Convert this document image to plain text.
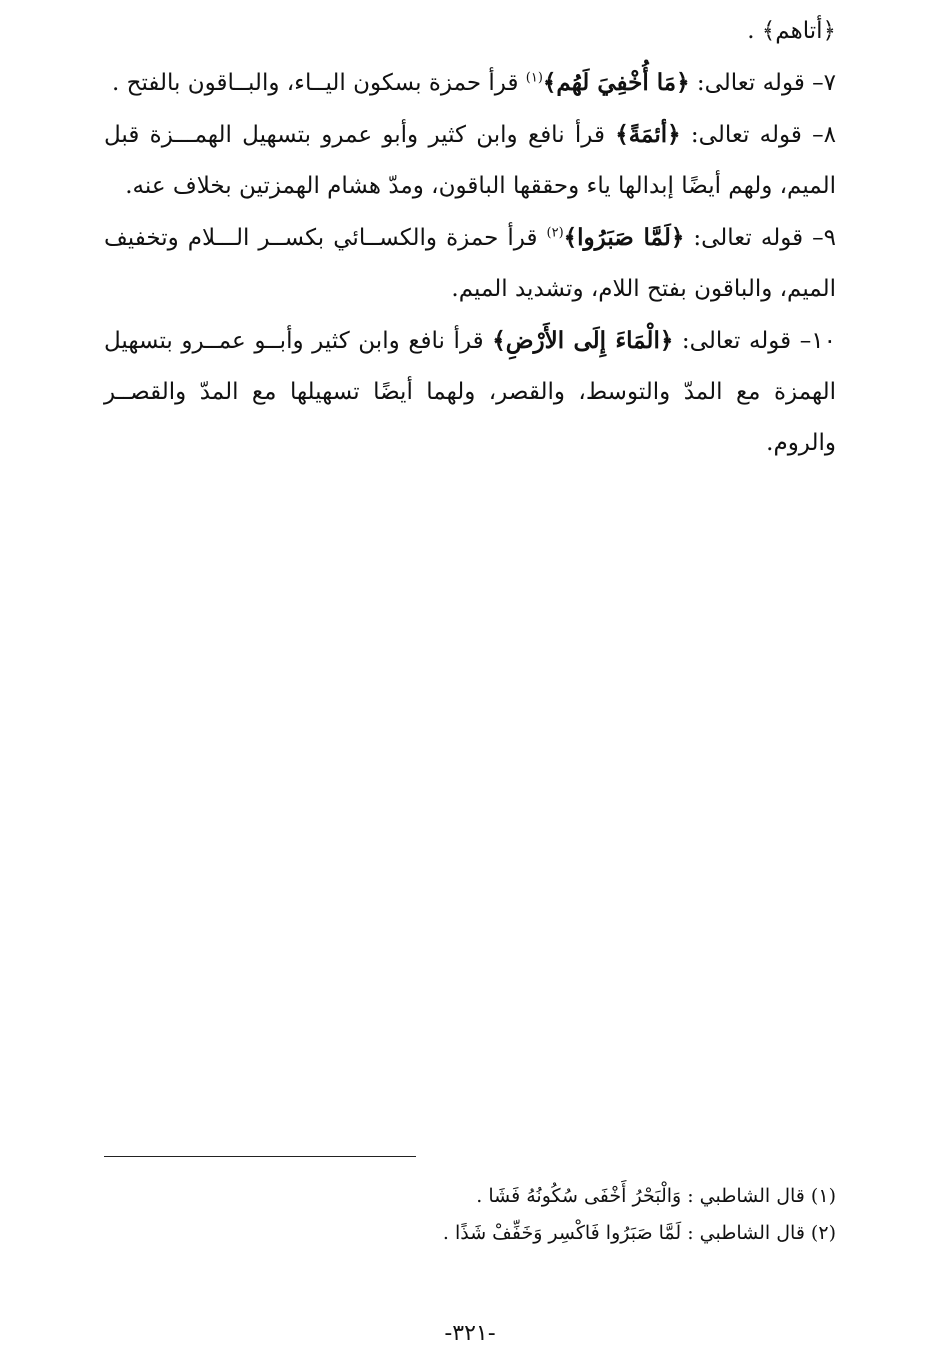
﴿أتاهم﴾ .

٧– قوله تعالى: ﴿مَا أُخْفِيَ لَهُم﴾$^{(١)}$ قرأ حمزة بسكون اليــاء، والبــاقون بالفتح .

٨– قوله تعالى: ﴿أئمَةً﴾ قرأ نافع وابن كثير وأبو عمرو بتسهيل الهمـــزة قبل الميم، ولهم أيضًا إبدالها ياء وحققها الباقون، ومدّ هشام الهمزتين بخلاف عنه.

٩– قوله تعالى: ﴿لَمَّا صَبَرُوا﴾$^{(٢)}$ قرأ حمزة والكســائي بكســر الـــلام وتخفيف الميم، والباقون بفتح اللام، وتشديد الميم.

١٠– قوله تعالى: ﴿الْمَاءَ إِلَى الأَرْضِ﴾ قرأ نافع وابن كثير وأبــو عمــرو بتسهيل الهمزة مع المدّ والتوسط، والقصر، ولهما أيضًا تسهيلها مع المدّ والقصــر والروم.

(١) قال الشاطبي : وَالْبَحْرُ أَخْفَى سُكُونُهُ فَشَا .

(٢) قال الشاطبي : لَمَّا صَبَرُوا فَاكْسِر وَخَفِّفْ شَذًا .

-٣٢١-
